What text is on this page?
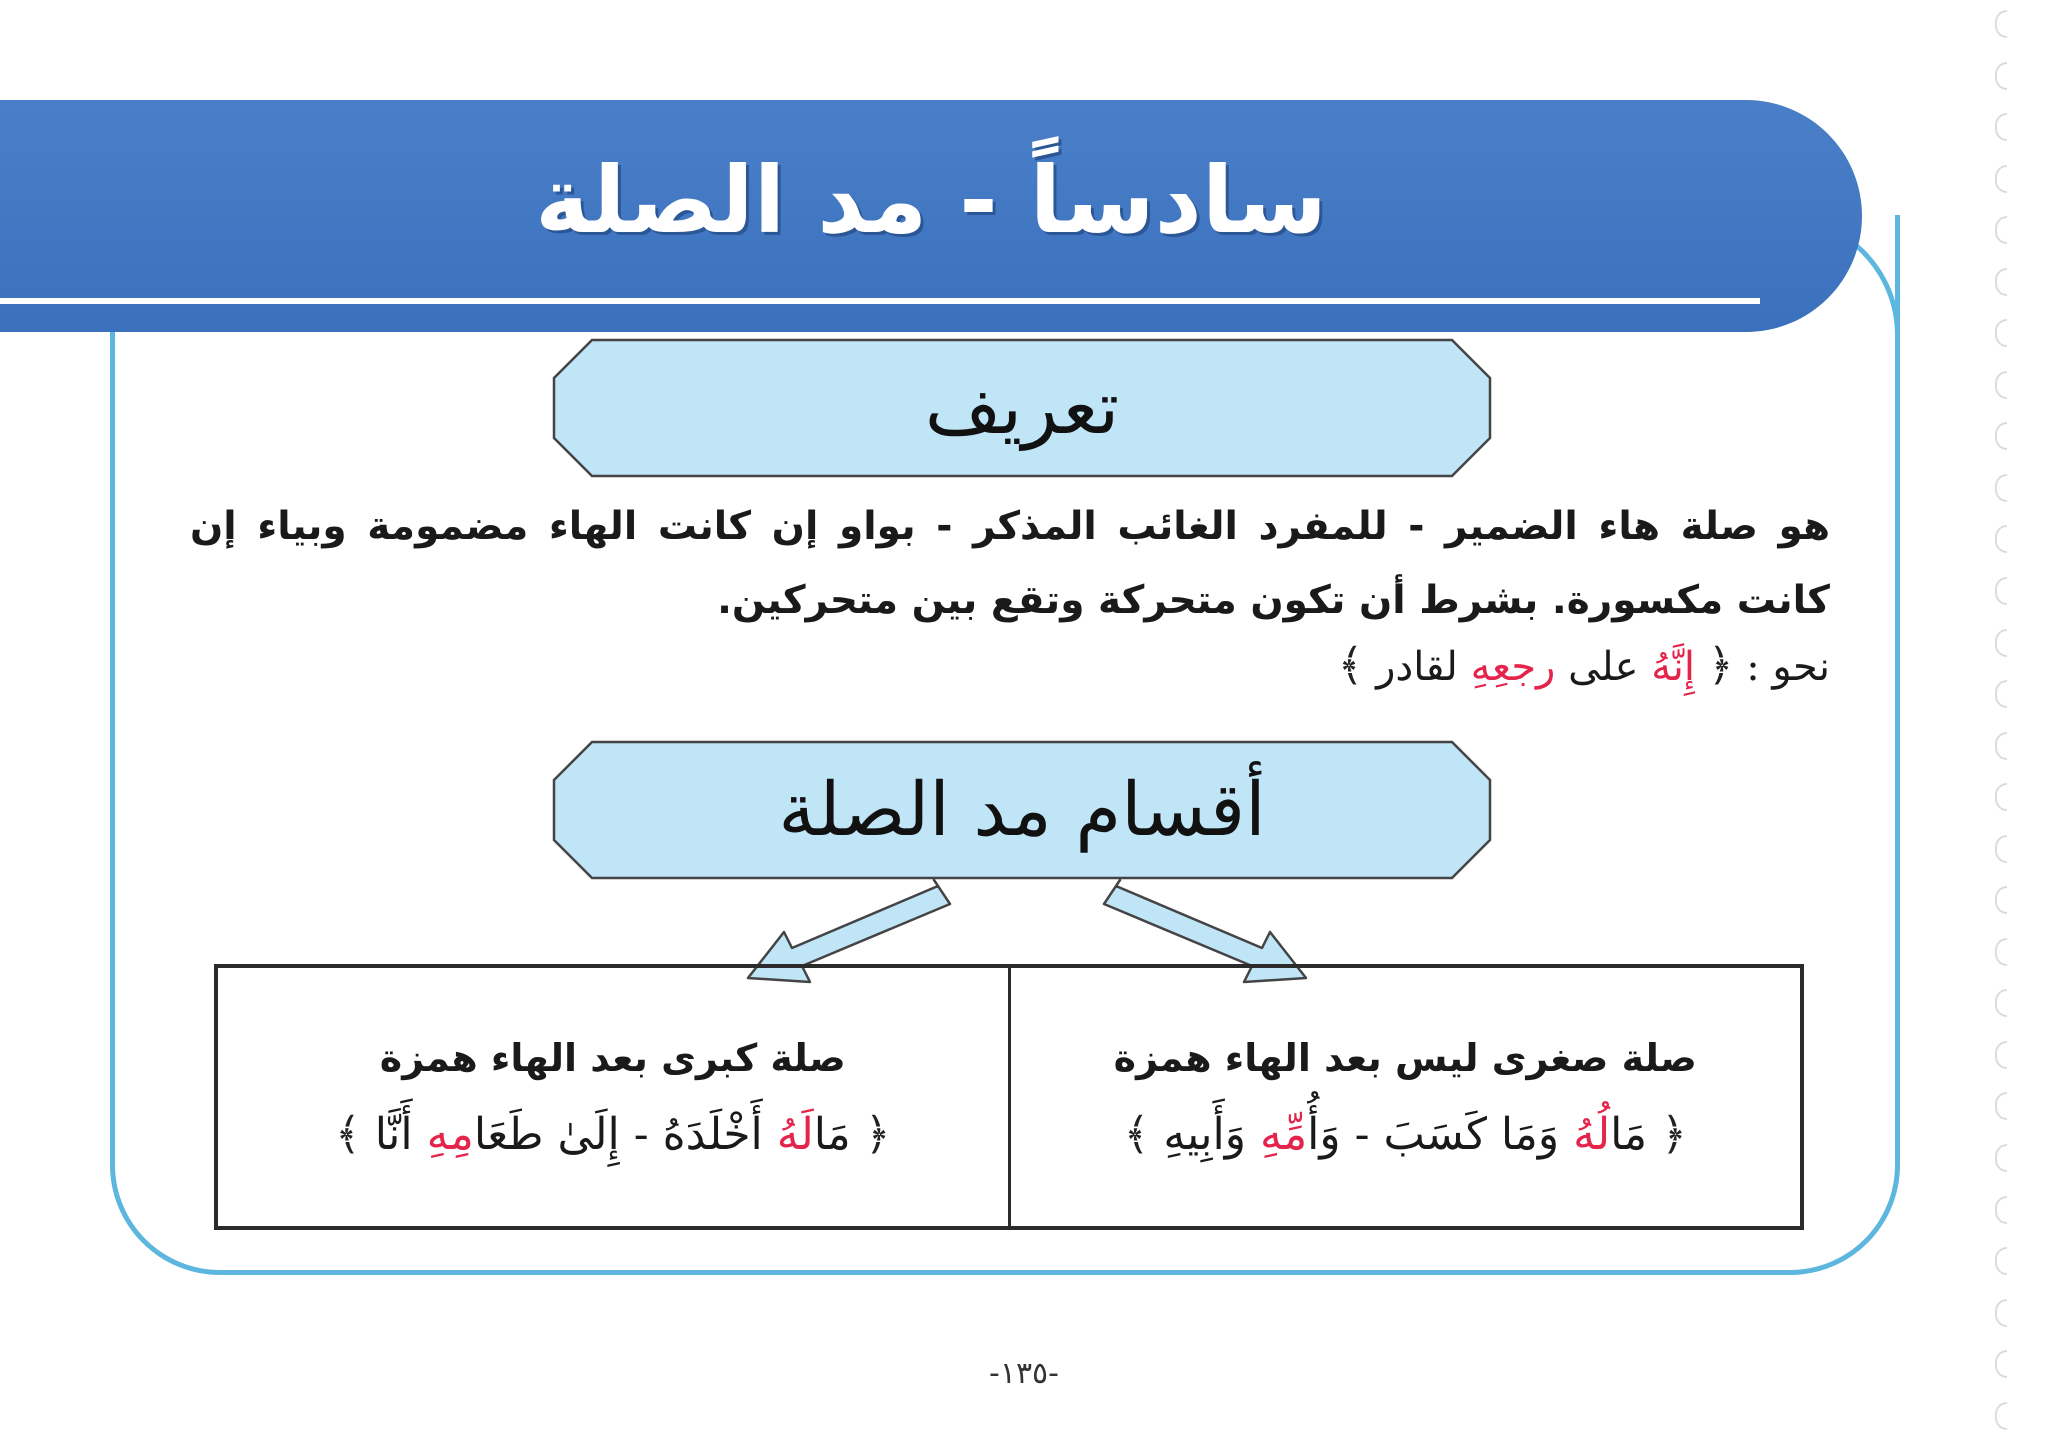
سادساً - مد الصلة
تعريف
هو صلة هاء الضمير - للمفرد الغائب المذكر - بواو إن كانت الهاء مضمومة وبياء إن كانت مكسورة. بشرط أن تكون متحركة وتقع بين متحركين.
نحو : ﴿ إِنَّهُ على رجعِهِ لقادر ﴾
أقسام مد الصلة
صلة صغرى ليس بعد الهاء همزة
﴿ مَالُهُ وَمَا كَسَبَ - وَأُمِّهِ وَأَبِيهِ ﴾
صلة كبرى بعد الهاء همزة
﴿ مَالَهُ أَخْلَدَهُ - إِلَىٰ طَعَامِهِ أَنَّا ﴾
-١٣٥-
